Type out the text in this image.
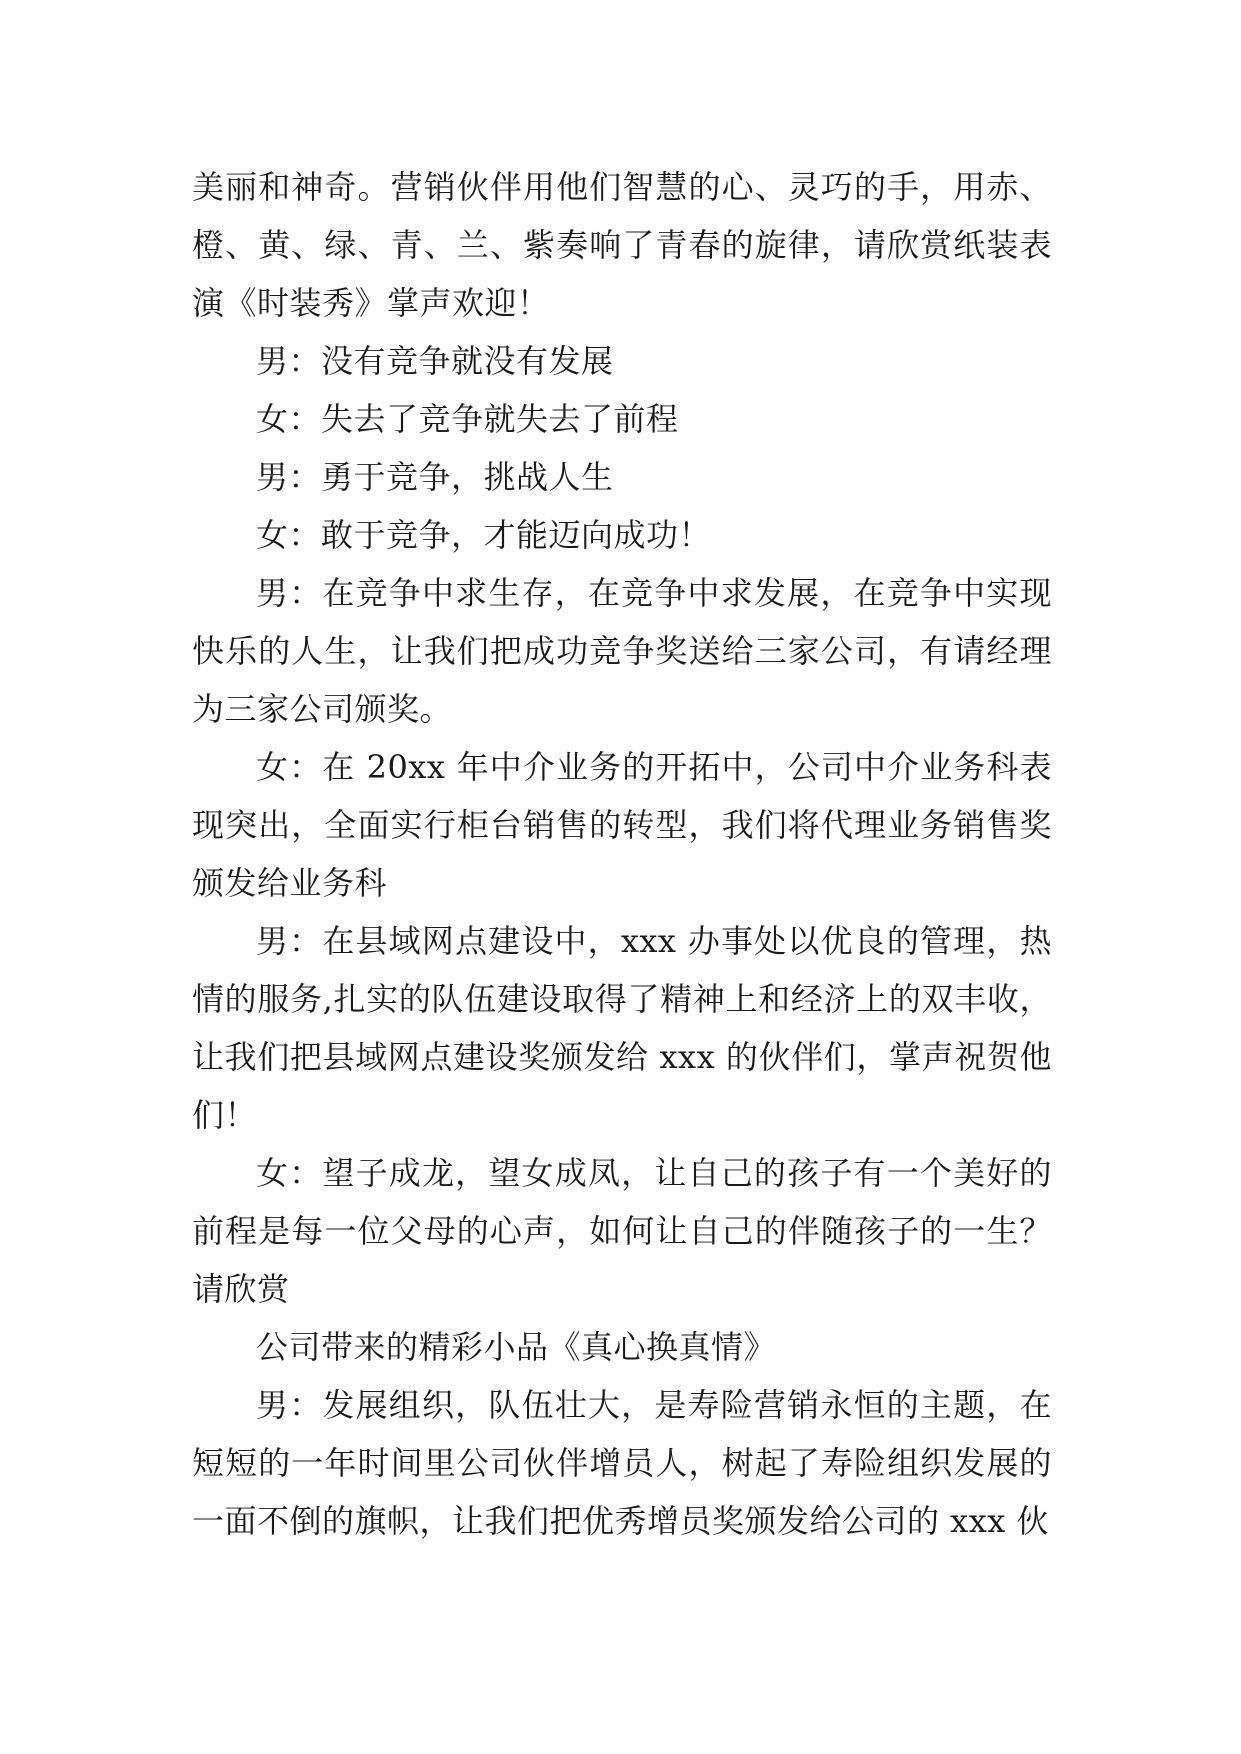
美丽和神奇。营销伙伴用他们智慧的心、灵巧的手，用赤、橙、黄、绿、青、兰、紫奏响了青春的旋律，请欣赏纸装表演《时装秀》掌声欢迎！

男：没有竞争就没有发展

女：失去了竞争就失去了前程

男：勇于竞争，挑战人生

女：敢于竞争，才能迈向成功！

男：在竞争中求生存，在竞争中求发展，在竞争中实现快乐的人生，让我们把成功竞争奖送给三家公司，有请经理为三家公司颁奖。

女：在 20xx 年中介业务的开拓中，公司中介业务科表现突出，全面实行柜台销售的转型，我们将代理业务销售奖颁发给业务科

男：在县域网点建设中，xxx 办事处以优良的管理，热情的服务,扎实的队伍建设取得了精神上和经济上的双丰收，让我们把县域网点建设奖颁发给 xxx 的伙伴们，掌声祝贺他们！

女：望子成龙，望女成凤，让自己的孩子有一个美好的前程是每一位父母的心声，如何让自己的伴随孩子的一生？请欣赏

公司带来的精彩小品《真心换真情》

男：发展组织，队伍壮大，是寿险营销永恒的主题，在短短的一年时间里公司伙伴增员人，树起了寿险组织发展的一面不倒的旗帜，让我们把优秀增员奖颁发给公司的 xxx 伙
